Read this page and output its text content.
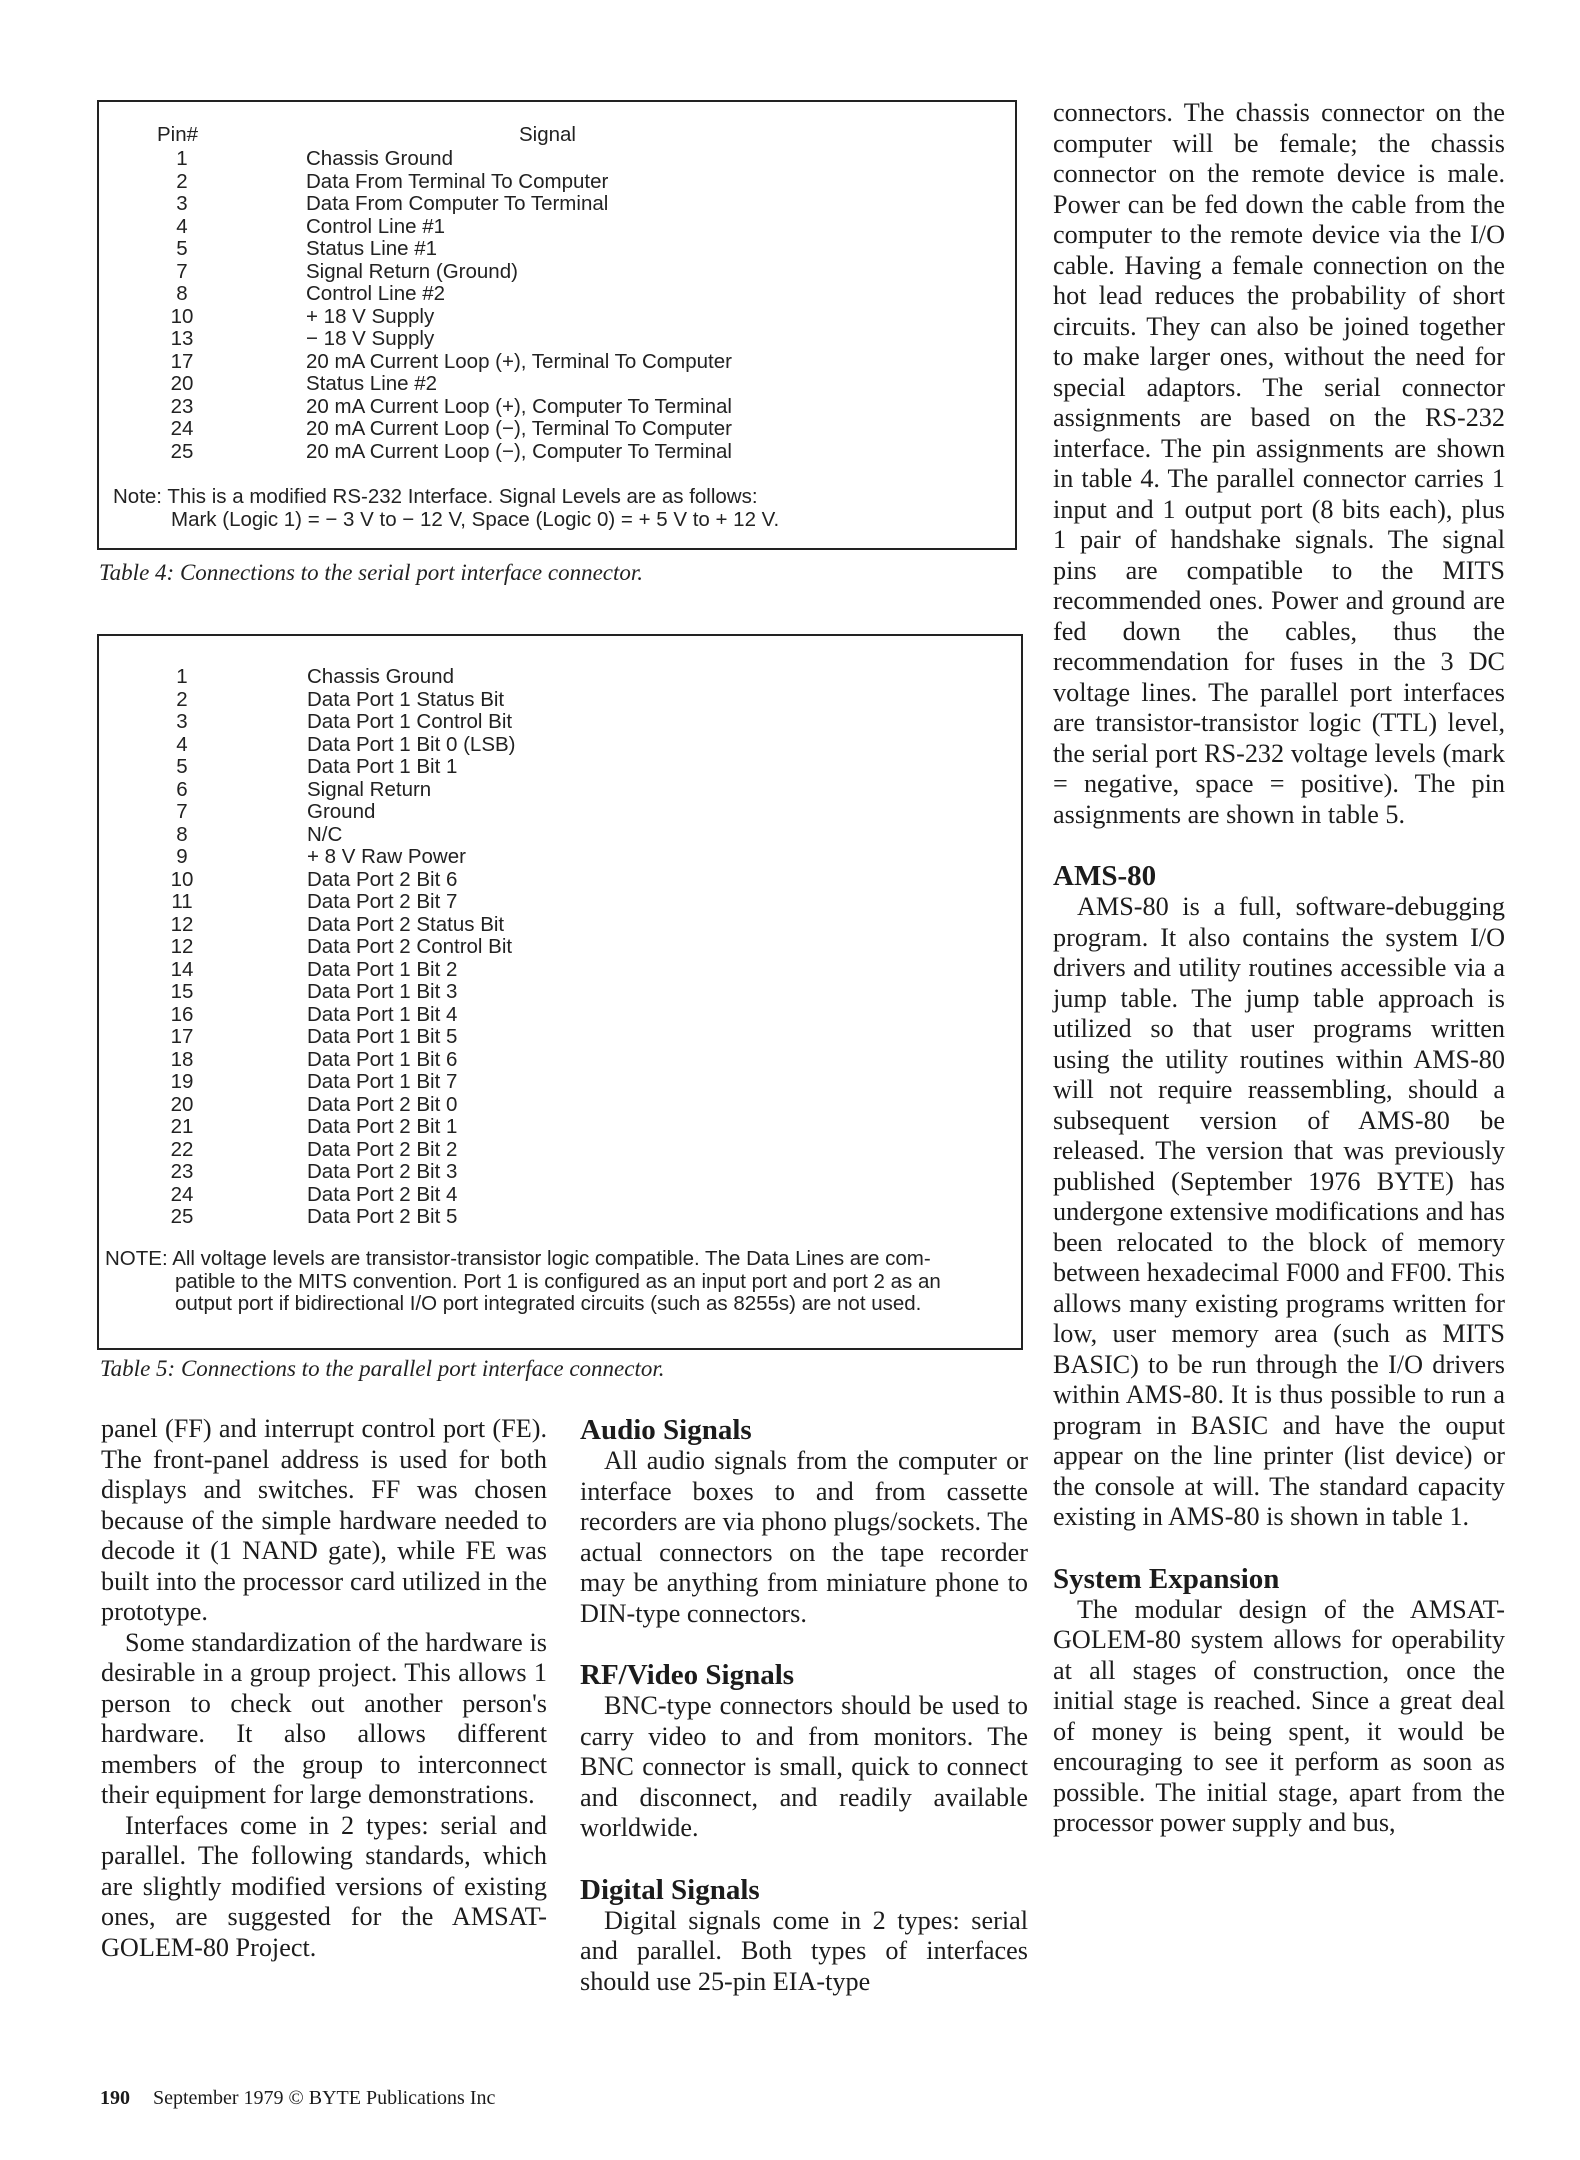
Pin#	Signal
1
2
3
4
5
7
8
10
13
17
20
23
24
25
Chassis Ground
Data From Terminal To Computer
Data From Computer To Terminal
Control Line #1
Status Line #1
Signal Return (Ground)
Control Line #2
+ 18 V Supply
− 18 V Supply
20 mA Current Loop (+), Terminal To Computer
Status Line #2
20 mA Current Loop (+), Computer To Terminal
20 mA Current Loop (−), Terminal To Computer
20 mA Current Loop (−), Computer To Terminal
Note: This is a modified RS-232 Interface. Signal Levels are as follows:
Mark (Logic 1) = − 3 V to − 12 V, Space (Logic 0) = + 5 V to + 12 V.
Table 4: Connections to the serial port interface connector.
1
2
3
4
5
6
7
8
9
10
11
12
12
14
15
16
17
18
19
20
21
22
23
24
25
Chassis Ground
Data Port 1 Status Bit
Data Port 1 Control Bit
Data Port 1 Bit 0 (LSB)
Data Port 1 Bit 1
Signal Return
Ground
N/C
+ 8 V Raw Power
Data Port 2 Bit 6
Data Port 2 Bit 7
Data Port 2 Status Bit
Data Port 2 Control Bit
Data Port 1 Bit 2
Data Port 1 Bit 3
Data Port 1 Bit 4
Data Port 1 Bit 5
Data Port 1 Bit 6
Data Port 1 Bit 7
Data Port 2 Bit 0
Data Port 2 Bit 1
Data Port 2 Bit 2
Data Port 2 Bit 3
Data Port 2 Bit 4
Data Port 2 Bit 5
NOTE: All voltage levels are transistor-transistor logic compatible. The Data Lines are com-
patible to the MITS convention. Port 1 is configured as an input port and port 2 as an
output port if bidirectional I/O port integrated circuits (such as 8255s) are not used.
Table 5: Connections to the parallel port interface connector.

panel (FF) and interrupt control port (FE). The front-panel address is used for both displays and switches. FF was chosen because of the simple hardware needed to decode it (1 NAND gate), while FE was built into the processor card utilized in the prototype.

Some standardization of the hardware is desirable in a group project. This allows 1 person to check out another person's hardware. It also allows different members of the group to interconnect their equipment for large demonstrations.

Interfaces come in 2 types: serial and parallel. The following standards, which are slightly modified versions of existing ones, are suggested for the AMSAT-GOLEM-80 Project.

Audio Signals

All audio signals from the computer or interface boxes to and from cassette recorders are via phono plugs/sockets. The actual connectors on the tape recorder may be anything from miniature phone to DIN-type connectors.

RF/Video Signals

BNC-type connectors should be used to carry video to and from monitors. The BNC connector is small, quick to connect and disconnect, and readily available worldwide.

Digital Signals

Digital signals come in 2 types: serial and parallel. Both types of interfaces should use 25-pin EIA-type

connectors. The chassis connector on the computer will be female; the chassis connector on the remote device is male. Power can be fed down the cable from the computer to the remote device via the I/O cable. Having a female connection on the hot lead reduces the probability of short circuits. They can also be joined together to make larger ones, without the need for special adaptors. The serial connector assignments are based on the RS-232 interface. The pin assignments are shown in table 4. The parallel connector carries 1 input and 1 output port (8 bits each), plus 1 pair of handshake signals. The signal pins are compatible to the MITS recommended ones. Power and ground are fed down the cables, thus the recommendation for fuses in the 3 DC voltage lines. The parallel port interfaces are transistor-transistor logic (TTL) level, the serial port RS-232 voltage levels (mark = negative, space = positive). The pin assignments are shown in table 5.

AMS-80

AMS-80 is a full, software-debugging program. It also contains the system I/O drivers and utility routines accessible via a jump table. The jump table approach is utilized so that user programs written using the utility routines within AMS-80 will not require reassembling, should a subsequent version of AMS-80 be released. The version that was previously published (September 1976 BYTE) has undergone extensive modifications and has been relocated to the block of memory between hexadecimal F000 and FF00. This allows many existing programs written for low, user memory area (such as MITS BASIC) to be run through the I/O drivers within AMS-80. It is thus possible to run a program in BASIC and have the ouput appear on the line printer (list device) or the console at will. The standard capacity existing in AMS-80 is shown in table 1.

System Expansion

The modular design of the AMSAT-GOLEM-80 system allows for operability at all stages of construction, once the initial stage is reached. Since a great deal of money is being spent, it would be encouraging to see it perform as soon as possible. The initial stage, apart from the processor power supply and bus,

190 September 1979 © BYTE Publications Inc
